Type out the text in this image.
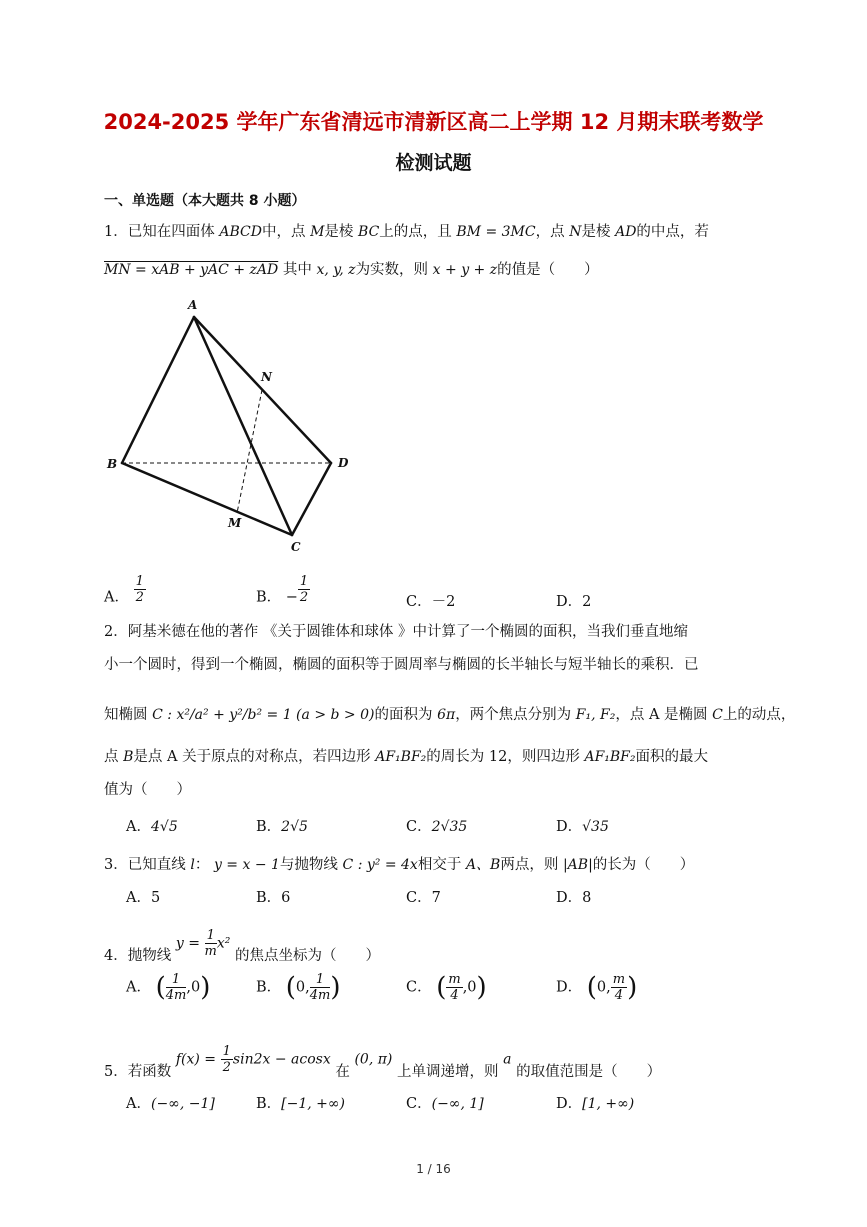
2024-2025 学年广东省清远市清新区高二上学期 12 月期末联考数学
检测试题
一、单选题（本大题共 8 小题）
1．已知在四面体 ABCD中，点 M是棱 BC上的点，且 BM = 3MC，点 N是棱 AD的中点，若
MN = xAB + yAC + zAD 其中 x, y, z为实数，则 x + y + z的值是（　　）
A
B
C
D
M
N
A． $\frac{1}{2}$	B． − $\frac{1}{2}$	C．－2	D．2
2．阿基米德在他的著作 《关于圆锥体和球体 》中计算了一个椭圆的面积，当我们垂直地缩
小一个圆时，得到一个椭圆，椭圆的面积等于圆周率与椭圆的长半轴长与短半轴长的乘积．已
知椭圆 C : x²/a² + y²/b² = 1 (a > b > 0)的面积为 6π，两个焦点分别为 F₁, F₂，点 A 是椭圆 C上的动点，
点 B是点 A 关于原点的对称点，若四边形 AF₁BF₂的周长为 12，则四边形 AF₁BF₂面积的最大
值为（　　）
A．4√5	B．2√5	C．2√35	D．√35
3．已知直线 l： y = x − 1与抛物线 C : y² = 4x相交于 A、B两点，则 |AB|的长为（　　）
A．5	B．6	C．7	D．8
4．抛物线 $y = \frac{1}{m} x^2$ 的焦点坐标为（　　）
A． ( $\frac{1}{4m} ,0$)	B． (0, $\frac{1}{4m}$ )	C． ( $\frac{m}{4} ,0$)	D． (0, $\frac{m}{4}$ )
5．若函数 $f(x) = \frac{1}{2} \sin 2x - acosx$ 在 (0, π) 上单调递增，则 a 的取值范围是（　　）
A．(−∞, −1]	B．[−1, +∞)	C．(−∞, 1]	D．[1, +∞)
1 / 16
